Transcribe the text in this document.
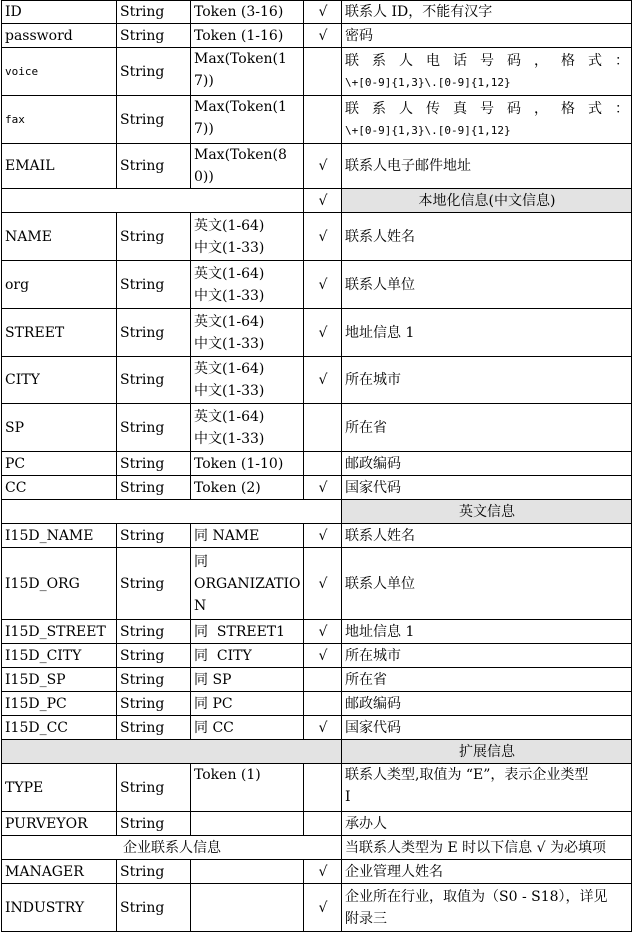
ID	String	Token (3-16)	√	联系人 ID，不能有汉字
password	String	Token (1-16)	√	密码
voice	String	Max(Token(17))		联 系 人 电 话 号 码 ， 格 式 ：
\+[0-9]{1,3}\.[0-9]{1,12}

fax	String	Max(Token(17))		联 系 人 传 真 号 码 ， 格 式 ：
\+[0-9]{1,3}\.[0-9]{1,12}

EMAIL	String	Max(Token(80))	√	联系人电子邮件地址
			√	本地化信息(中文信息)
NAME	String	英文(1-64)
中文(1-33)	√	联系人姓名
org	String	英文(1-64)
中文(1-33)	√	联系人单位
STREET	String	英文(1-64)
中文(1-33)	√	地址信息 1
CITY	String	英文(1-64)
中文(1-33)	√	所在城市
SP	String	英文(1-64)
中文(1-33)		所在省
PC	String	Token (1-10)		邮政编码
CC	String	Token (2)	√	国家代码
				英文信息
I15D_NAME	String	同 NAME	√	联系人姓名
I15D_ORG	String	同
ORGANIZATIO
N	√	联系人单位
I15D_STREET	String	同  STREET1	√	地址信息 1
I15D_CITY	String	同  CITY	√	所在城市
I15D_SP	String	同 SP		所在省
I15D_PC	String	同 PC		邮政编码
I15D_CC	String	同 CC	√	国家代码
				扩展信息
TYPE	String	Token (1)		联系人类型,取值为 “E”，表示企业类型
I

PURVEYOR	String			承办人
企业联系人信息				当联系人类型为 E 时以下信息 √ 为必填项
MANAGER	String		√	企业管理人姓名
INDUSTRY	String		√	企业所在行业，取值为（S0 - S18），详见
附录三
